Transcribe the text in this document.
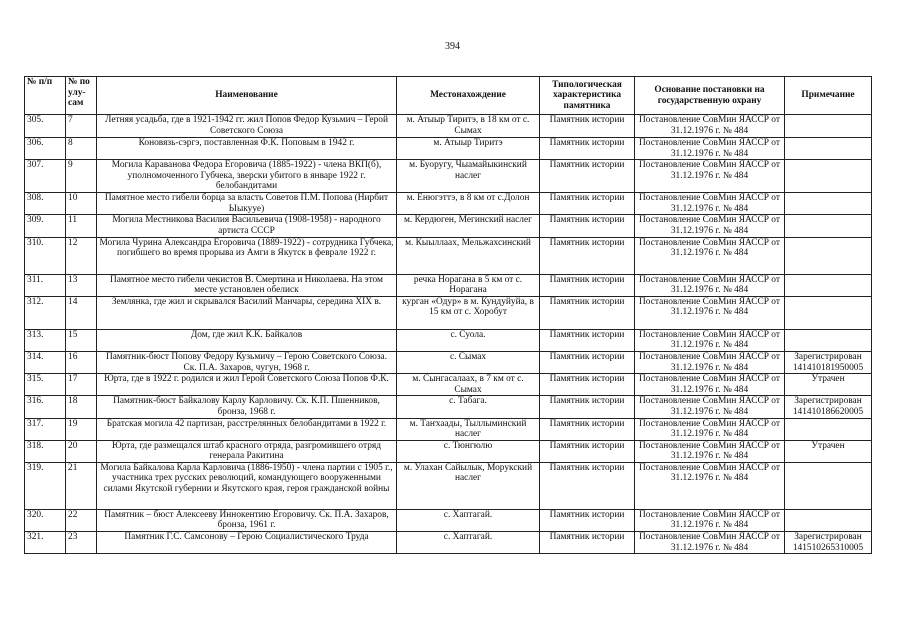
394
№ п/п	№ по улу-сам	Наименование	Местонахождение	Типологическая характеристика памятника	Основание постановки на государственную охрану	Примечание
305.	7	Летняя усадьба, где в 1921-1942 гг. жил Попов Федор Кузьмич – Герой Советского Союза	м. Атыыр Тиритэ, в 18 км от с. Сымах	Памятник истории	Постановление СовМин ЯАССР от 31.12.1976 г. № 484	
306.	8	Коновязь-сэргэ, поставленная Ф.К. Поповым в 1942 г.	м. Атыыр Тиритэ	Памятник истории	Постановление СовМин ЯАССР от 31.12.1976 г. № 484	
307.	9	Могила Караванова Федора Егоровича (1885-1922) - члена ВКП(б), уполномоченного Губчека, зверски убитого в январе 1922 г. белобандитами	м. Буоругу, Чыамайыкинский наслег	Памятник истории	Постановление СовМин ЯАССР от 31.12.1976 г. № 484	
308.	10	Памятное место гибели борца за власть Советов П.М. Попова (Нирбит Ыыкууе)	м. Енюгэттэ, в 8 км от с.Долон	Памятник истории	Постановление СовМин ЯАССР от 31.12.1976 г. № 484	
309.	11	Могила Местникова Василия Васильевича (1908-1958) - народного артиста СССР	м. Кердюген, Мегинский наслег	Памятник истории	Постановление СовМин ЯАССР от 31.12.1976 г. № 484	
310.	12	Могила Чурина Александра Егоровича (1889-1922) - сотрудника Губчека, погибшего во время прорыва из Амги в Якутск в феврале 1922 г.	м. Кыыллаах, Мельжахсинский	Памятник истории	Постановление СовМин ЯАССР от 31.12.1976 г. № 484	
311.	13	Памятное место гибели чекистов В. Смертина и Николаева. На этом месте установлен обелиск	речка Норагана в 5 км от с. Норагана	Памятник истории	Постановление СовМин ЯАССР от 31.12.1976 г. № 484	
312.	14	Землянка, где жил и скрывался Василий Манчары, середина XIX в.	курган «Одур» в м. Кундуйуйа, в 15 км от с. Хоробут	Памятник истории	Постановление СовМин ЯАССР от 31.12.1976 г. № 484	
313.	15	Дом, где жил К.К. Байкалов	с. Суола.	Памятник истории	Постановление СовМин ЯАССР от 31.12.1976 г. № 484	
314.	16	Памятник-бюст Попову Федору Кузьмичу – Герою Советского Союза. Ск. П.А. Захаров, чугун, 1968 г.	с. Сымах	Памятник истории	Постановление СовМин ЯАССР от 31.12.1976 г. № 484	Зарегистрирован 141410181950005
315.	17	Юрта, где в 1922 г. родился и жил Герой Советского Союза Попов Ф.К.	м. Сынгасалаах, в 7 км от с. Сымах	Памятник истории	Постановление СовМин ЯАССР от 31.12.1976 г. № 484	Утрачен
316.	18	Памятник-бюст Байкалову Карлу Карловичу. Ск. К.П. Пшенников, бронза, 1968 г.	с. Табага.	Памятник истории	Постановление СовМин ЯАССР от 31.12.1976 г. № 484	Зарегистрирован 141410186620005
317.	19	Братская могила 42 партизан, расстрелянных белобандитами в 1922 г.	м. Таҥхаады, Тыллыминский наслег	Памятник истории	Постановление СовМин ЯАССР от 31.12.1976 г. № 484	
318.	20	Юрта, где размещался штаб красного отряда, разгромившего отряд генерала Ракитина	с. Тюнгюлю	Памятник истории	Постановление СовМин ЯАССР от 31.12.1976 г. № 484	Утрачен
319.	21	Могила Байкалова Карла Карловича (1886-1950) - члена партии с 1905 г., участника трех русских революций, командующего вооруженными силами Якутской губернии и Якутского края, героя гражданской войны	м. Улахан Сайылык, Морукский наслег	Памятник истории	Постановление СовМин ЯАССР от 31.12.1976 г. № 484	
320.	22	Памятник – бюст Алексееву Иннокентию Егоровичу. Ск. П.А. Захаров, бронза, 1961 г.	с. Хаптагай.	Памятник истории	Постановление СовМин ЯАССР от 31.12.1976 г. № 484	
321.	23	Памятник Г.С. Самсонову – Герою Социалистического Труда	с. Хаптагай.	Памятник истории	Постановление СовМин ЯАССР от 31.12.1976 г. № 484	Зарегистрирован 141510265310005
